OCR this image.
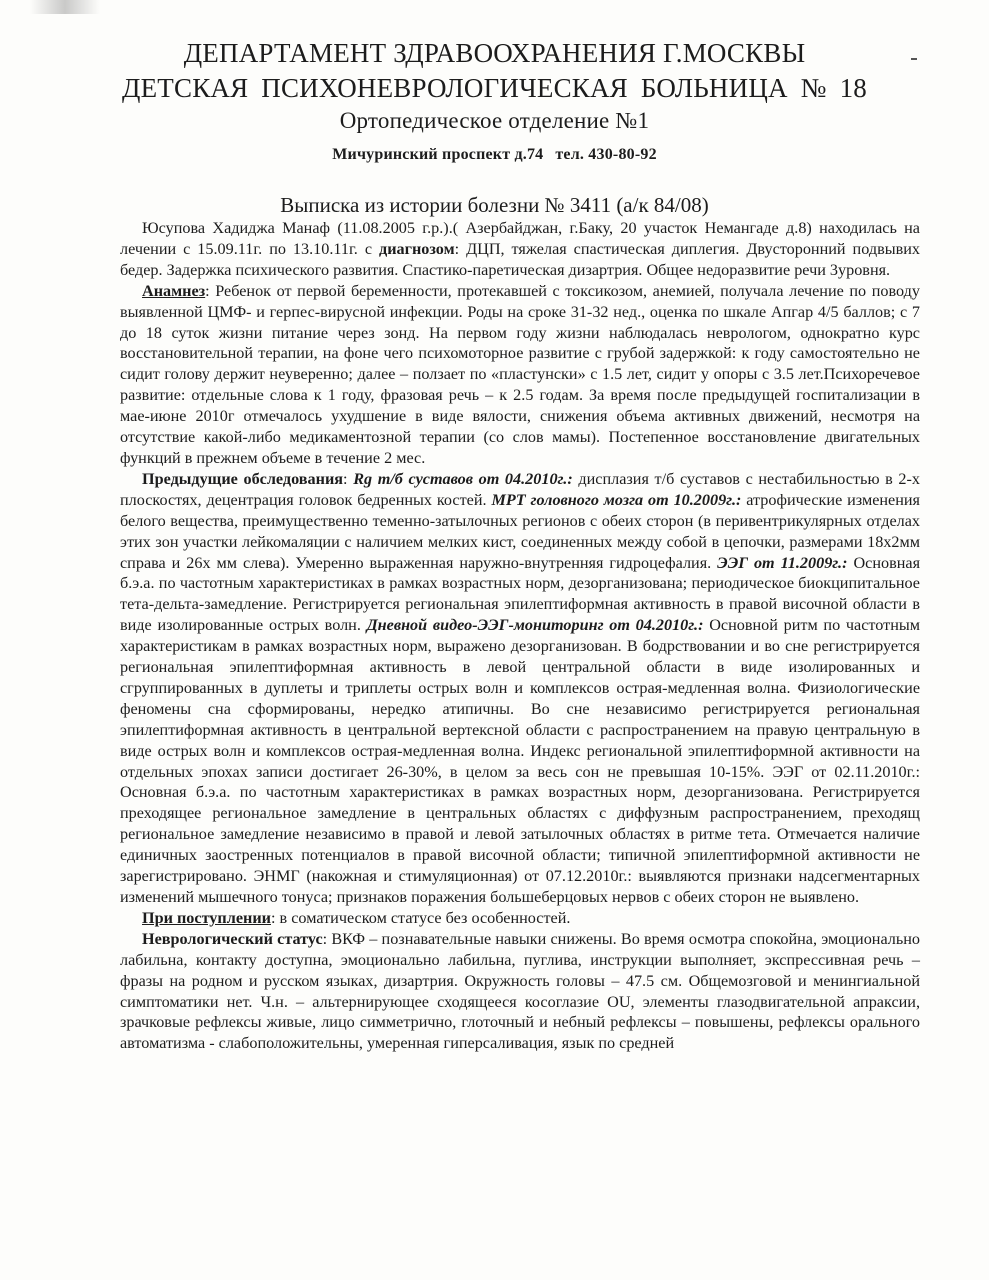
ДЕПАРТАМЕНТ ЗДРАВООХРАНЕНИЯ Г.МОСКВЫ
ДЕТСКАЯ ПСИХОНЕВРОЛОГИЧЕСКАЯ БОЛЬНИЦА № 18
Ортопедическое отделение №1
Мичуринский проспект д.74 тел. 430-80-92
Выписка из истории болезни № 3411 (а/к 84/08)

Юсупова Хадиджа Манаф (11.08.2005 г.р.).( Азербайджан, г.Баку, 20 участок Немангаде д.8) находилась на лечении с 15.09.11г. по 13.10.11г. с диагнозом: ДЦП, тяжелая спастическая диплегия. Двусторонний подвывих бедер. Задержка психического развития. Спастико-паретическая дизартрия. Общее недоразвитие речи 3уровня.

Анамнез: Ребенок от первой беременности, протекавшей с токсикозом, анемией, получала лечение по поводу выявленной ЦМФ- и герпес-вирусной инфекции. Роды на сроке 31-32 нед., оценка по шкале Апгар 4/5 баллов; с 7 до 18 суток жизни питание через зонд. На первом году жизни наблюдалась неврологом, однократно курс восстановительной терапии, на фоне чего психомоторное развитие с грубой задержкой: к году самостоятельно не сидит голову держит неуверенно; далее – ползает по «пластунски» с 1.5 лет, сидит у опоры с 3.5 лет.Психоречевое развитие: отдельные слова к 1 году, фразовая речь – к 2.5 годам. За время после предыдущей госпитализации в мае-июне 2010г отмечалось ухудшение в виде вялости, снижения объема активных движений, несмотря на отсутствие какой-либо медикаментозной терапии (со слов мамы). Постепенное восстановление двигательных функций в прежнем объеме в течение 2 мес.

Предыдущие обследования: Rg т/б суставов от 04.2010г.: дисплазия т/б суставов с нестабильностью в 2-х плоскостях, децентрация головок бедренных костей. МРТ головного мозга от 10.2009г.: атрофические изменения белого вещества, преимущественно теменно-затылочных регионов с обеих сторон (в перивентрикулярных отделах этих зон участки лейкомаляции с наличием мелких кист, соединенных между собой в цепочки, размерами 18х2мм справа и 26х мм слева). Умеренно выраженная наружно-внутренняя гидроцефалия. ЭЭГ от 11.2009г.: Основная б.э.а. по частотным характеристиках в рамках возрастных норм, дезорганизована; периодическое биокципитальное тета-дельта-замедление. Регистрируется региональная эпилептиформная активность в правой височной области в виде изолированные острых волн. Дневной видео-ЭЭГ-мониторинг от 04.2010г.: Основной ритм по частотным характеристикам в рамках возрастных норм, выражено дезорганизован. В бодрствовании и во сне регистрируется региональная эпилептиформная активность в левой центральной области в виде изолированных и сгруппированных в дуплеты и триплеты острых волн и комплексов острая-медленная волна. Физиологические феномены сна сформированы, нередко атипичны. Во сне независимо регистрируется региональная эпилептиформная активность в центральной вертексной области с распространением на правую центральную в виде острых волн и комплексов острая-медленная волна. Индекс региональной эпилептиформной активности на отдельных эпохах записи достигает 26-30%, в целом за весь сон не превышая 10-15%. ЭЭГ от 02.11.2010г.: Основная б.э.а. по частотным характеристиках в рамках возрастных норм, дезорганизована. Регистрируется преходящее региональное замедление в центральных областях с диффузным распространением, преходящ региональное замедление независимо в правой и левой затылочных областях в ритме тета. Отмечается наличие единичных заостренных потенциалов в правой височной области; типичной эпилептиформной активности не зарегистрировано. ЭНМГ (накожная и стимуляционная) от 07.12.2010г.: выявляются признаки надсегментарных изменений мышечного тонуса; признаков поражения большеберцовых нервов с обеих сторон не выявлено.

При поступлении: в соматическом статусе без особенностей.

Неврологический статус: ВКФ – познавательные навыки снижены. Во время осмотра спокойна, эмоционально лабильна, контакту доступна, эмоционально лабильна, пуглива, инструкции выполняет, экспрессивная речь – фразы на родном и русском языках, дизартрия. Окружность головы – 47.5 см. Общемозговой и менингиальной симптоматики нет. Ч.н. – альтернирующее сходящееся косоглазие OU, элементы глазодвигательной апраксии, зрачковые рефлексы живые, лицо симметрично, глоточный и небный рефлексы – повышены, рефлексы орального автоматизма - слабоположительны, умеренная гиперсаливация, язык по средней
